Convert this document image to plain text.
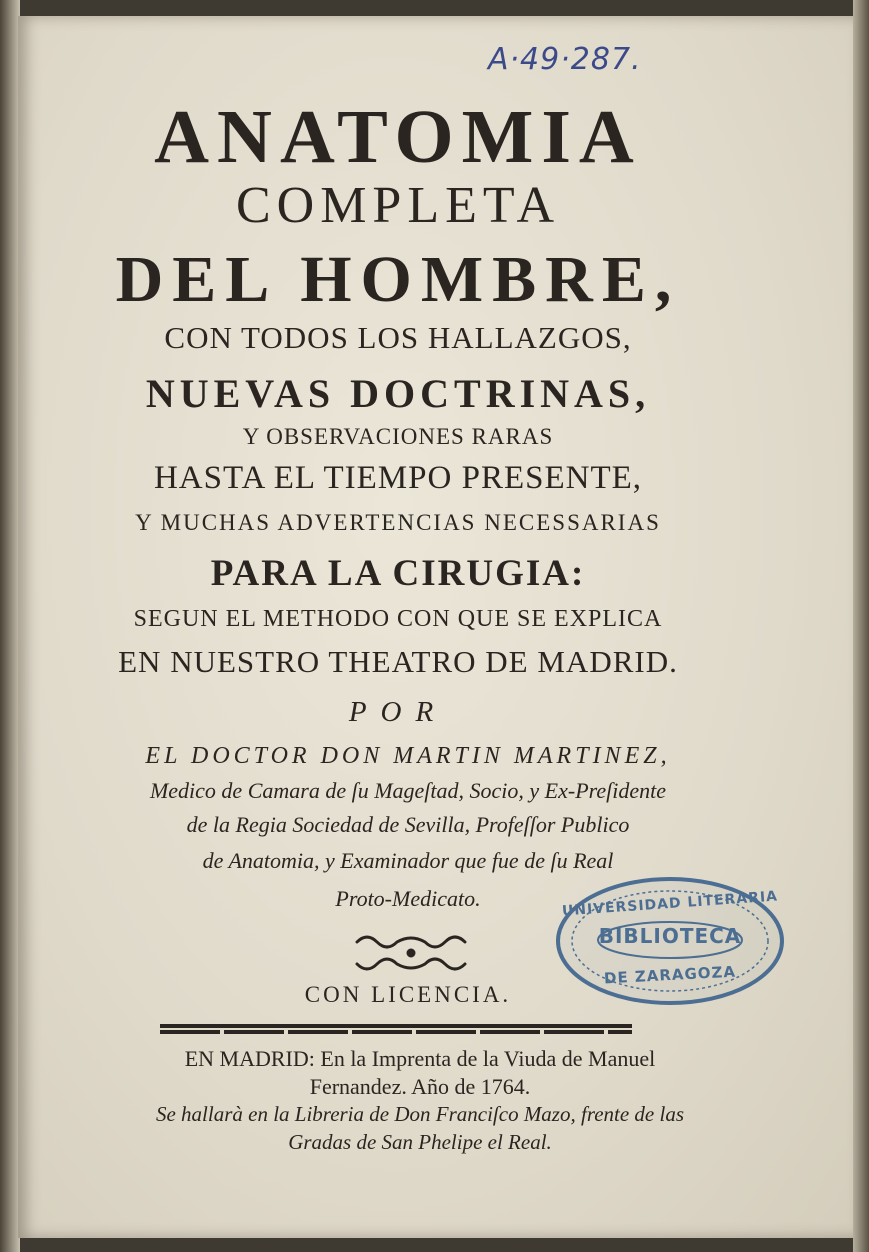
A·49·287.
ANATOMIA
COMPLETA
DEL HOMBRE,
CON TODOS LOS HALLAZGOS,
NUEVAS DOCTRINAS,
Y OBSERVACIONES RARAS
HASTA EL TIEMPO PRESENTE,
Y MUCHAS ADVERTENCIAS NECESSARIAS
PARA LA CIRUGIA:
SEGUN EL METHODO CON QUE SE EXPLICA
EN NUESTRO THEATRO DE MADRID.
POR
EL DOCTOR DON MARTIN MARTINEZ,
Medico de Camara de ſu Mageſtad, Socio, y Ex-Preſidente
de la Regia Sociedad de Sevilla, Profeſſor Publico
de Anatomia, y Examinador que fue de ſu Real
Proto-Medicato.
CON LICENCIA.
EN MADRID: En la Imprenta de la Viuda de Manuel
Fernandez. Año de 1764.
Se hallarà en la Libreria de Don Franciſco Mazo, frente de las
Gradas de San Phelipe el Real.
UNIVERSIDAD LITERARIA
BIBLIOTECA
DE ZARAGOZA
